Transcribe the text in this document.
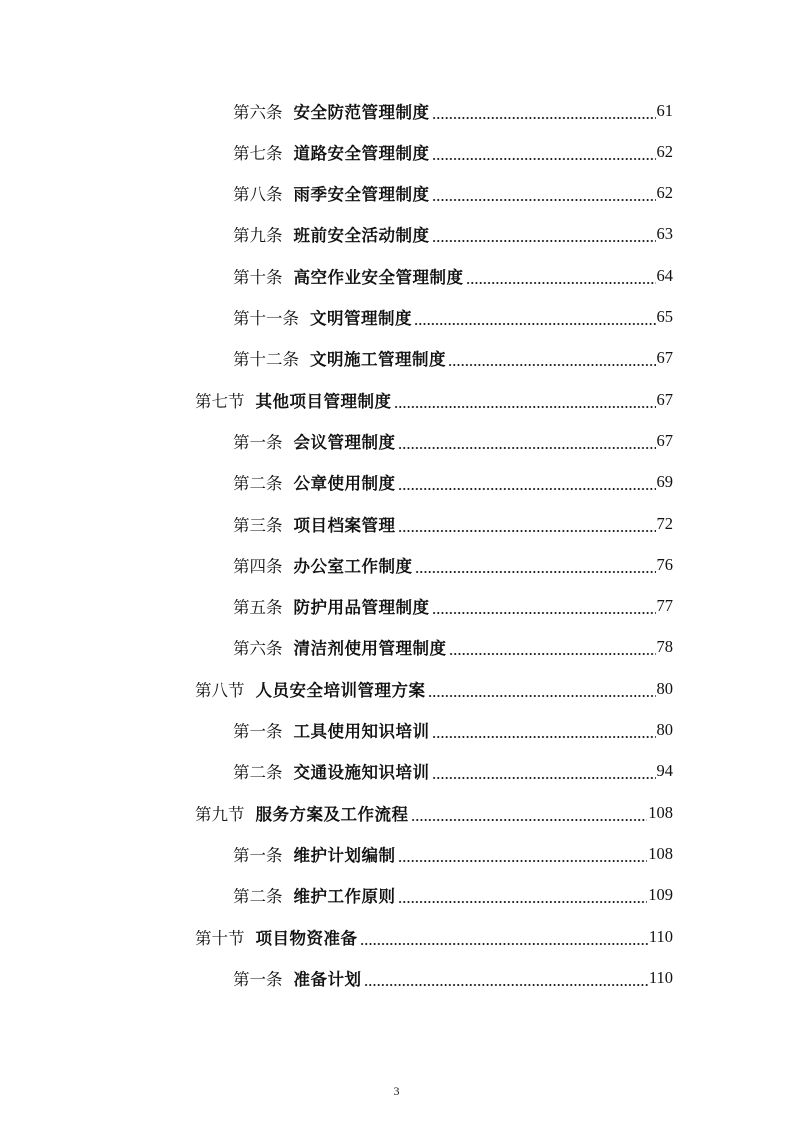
第六条 安全防范管理制度	61
第七条 道路安全管理制度	62
第八条 雨季安全管理制度	62
第九条 班前安全活动制度	63
第十条 高空作业安全管理制度	64
第十一条 文明管理制度	65
第十二条 文明施工管理制度	67
第七节 其他项目管理制度	67
第一条 会议管理制度	67
第二条 公章使用制度	69
第三条 项目档案管理	72
第四条 办公室工作制度	76
第五条 防护用品管理制度	77
第六条 清洁剂使用管理制度	78
第八节 人员安全培训管理方案	80
第一条 工具使用知识培训	80
第二条 交通设施知识培训	94
第九节 服务方案及工作流程	108
第一条 维护计划编制	108
第二条 维护工作原则	109
第十节 项目物资准备	110
第一条 准备计划	110
3
